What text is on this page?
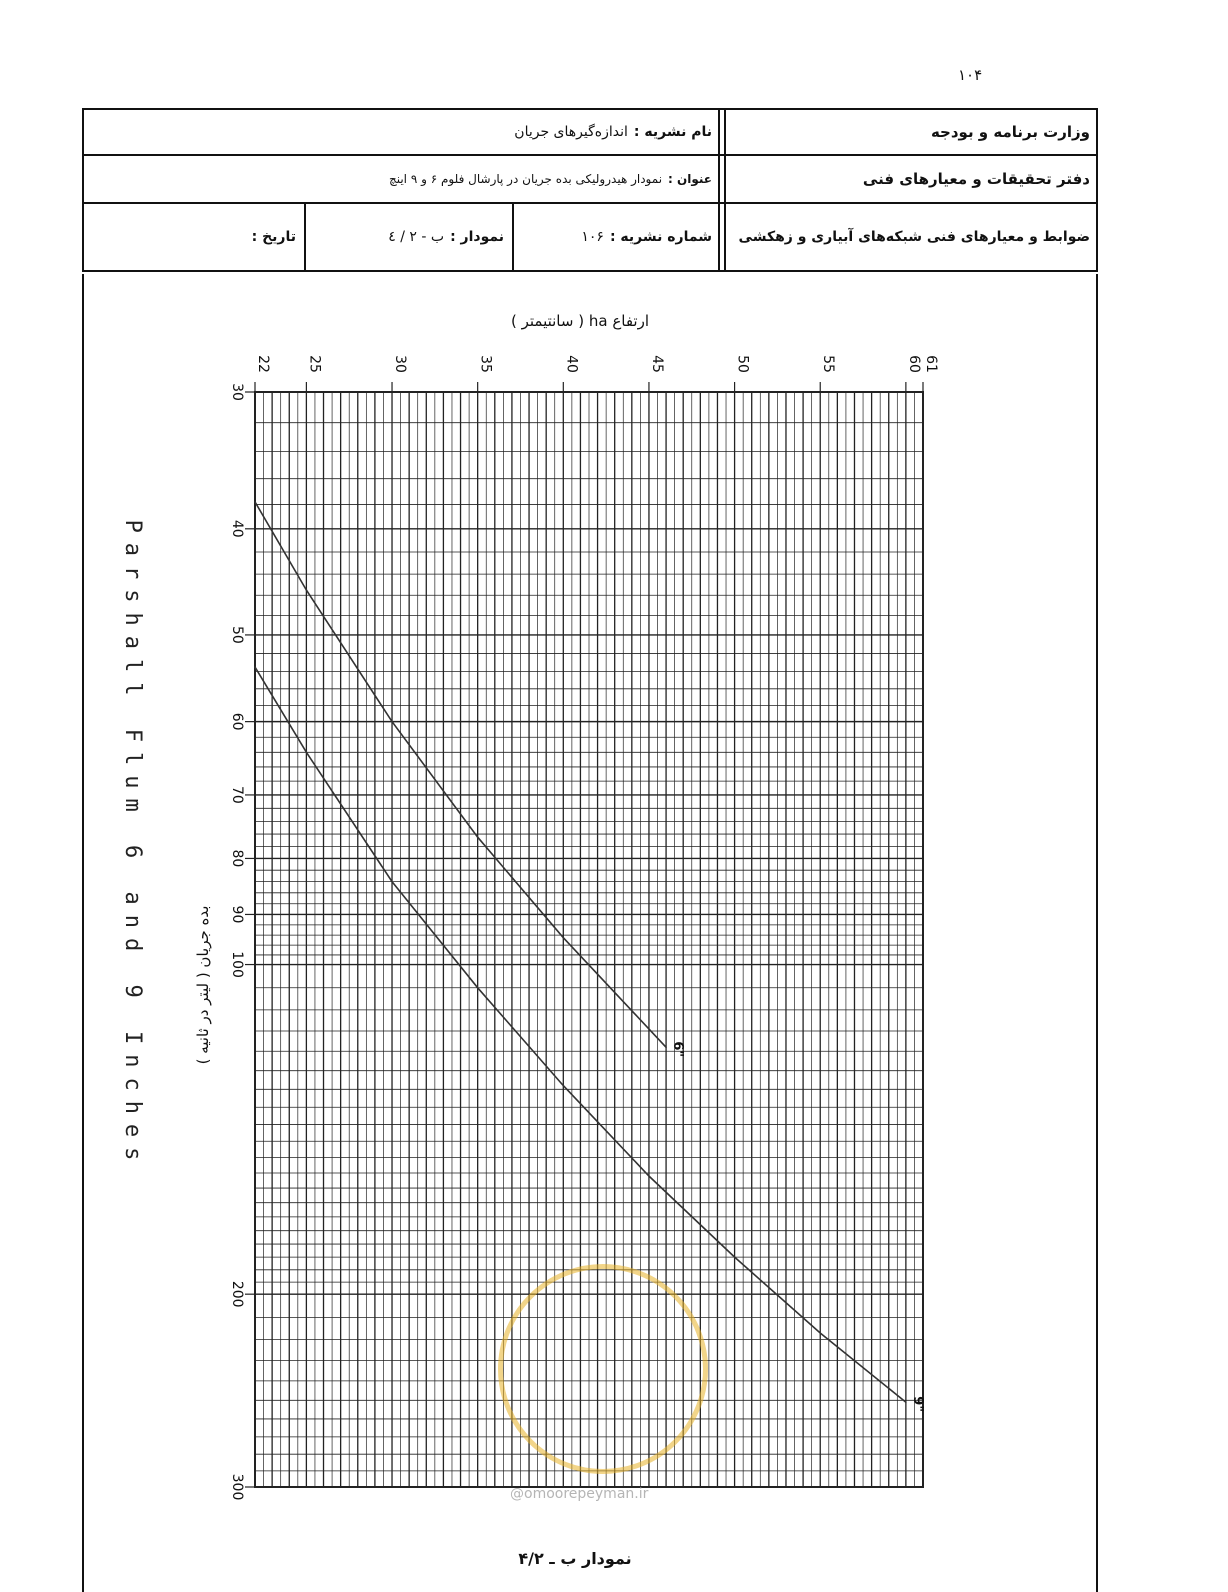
۱۰۴
وزارت برنامه و بودجه
دفتر تحقیقات و معیارهای فنی
ضوابط و معیارهای فنی شبکه‌های آبیاری و زهکشی
نام نشریه :
اندازه‌گیرهای جریان
عنوان :
نمودار هیدرولیکی بده جریان در پارشال فلوم ۶ و ۹ اینچ
شماره نشریه :
۱۰۶
نمودار :
ب - ۲ / ٤
تاریخ :
22	25	30	35	40	45	50	55	60 61
30
40
50
60
70
80
90
100
200
300
6"
9"
ارتفاع ha ( سانتیمتر )
بده جریان ( لیتر در ثانیه )
Parshall Flum 6 and 9 Inches
نمودار ب ـ ۴/۲
@omoorepeyman.ir
